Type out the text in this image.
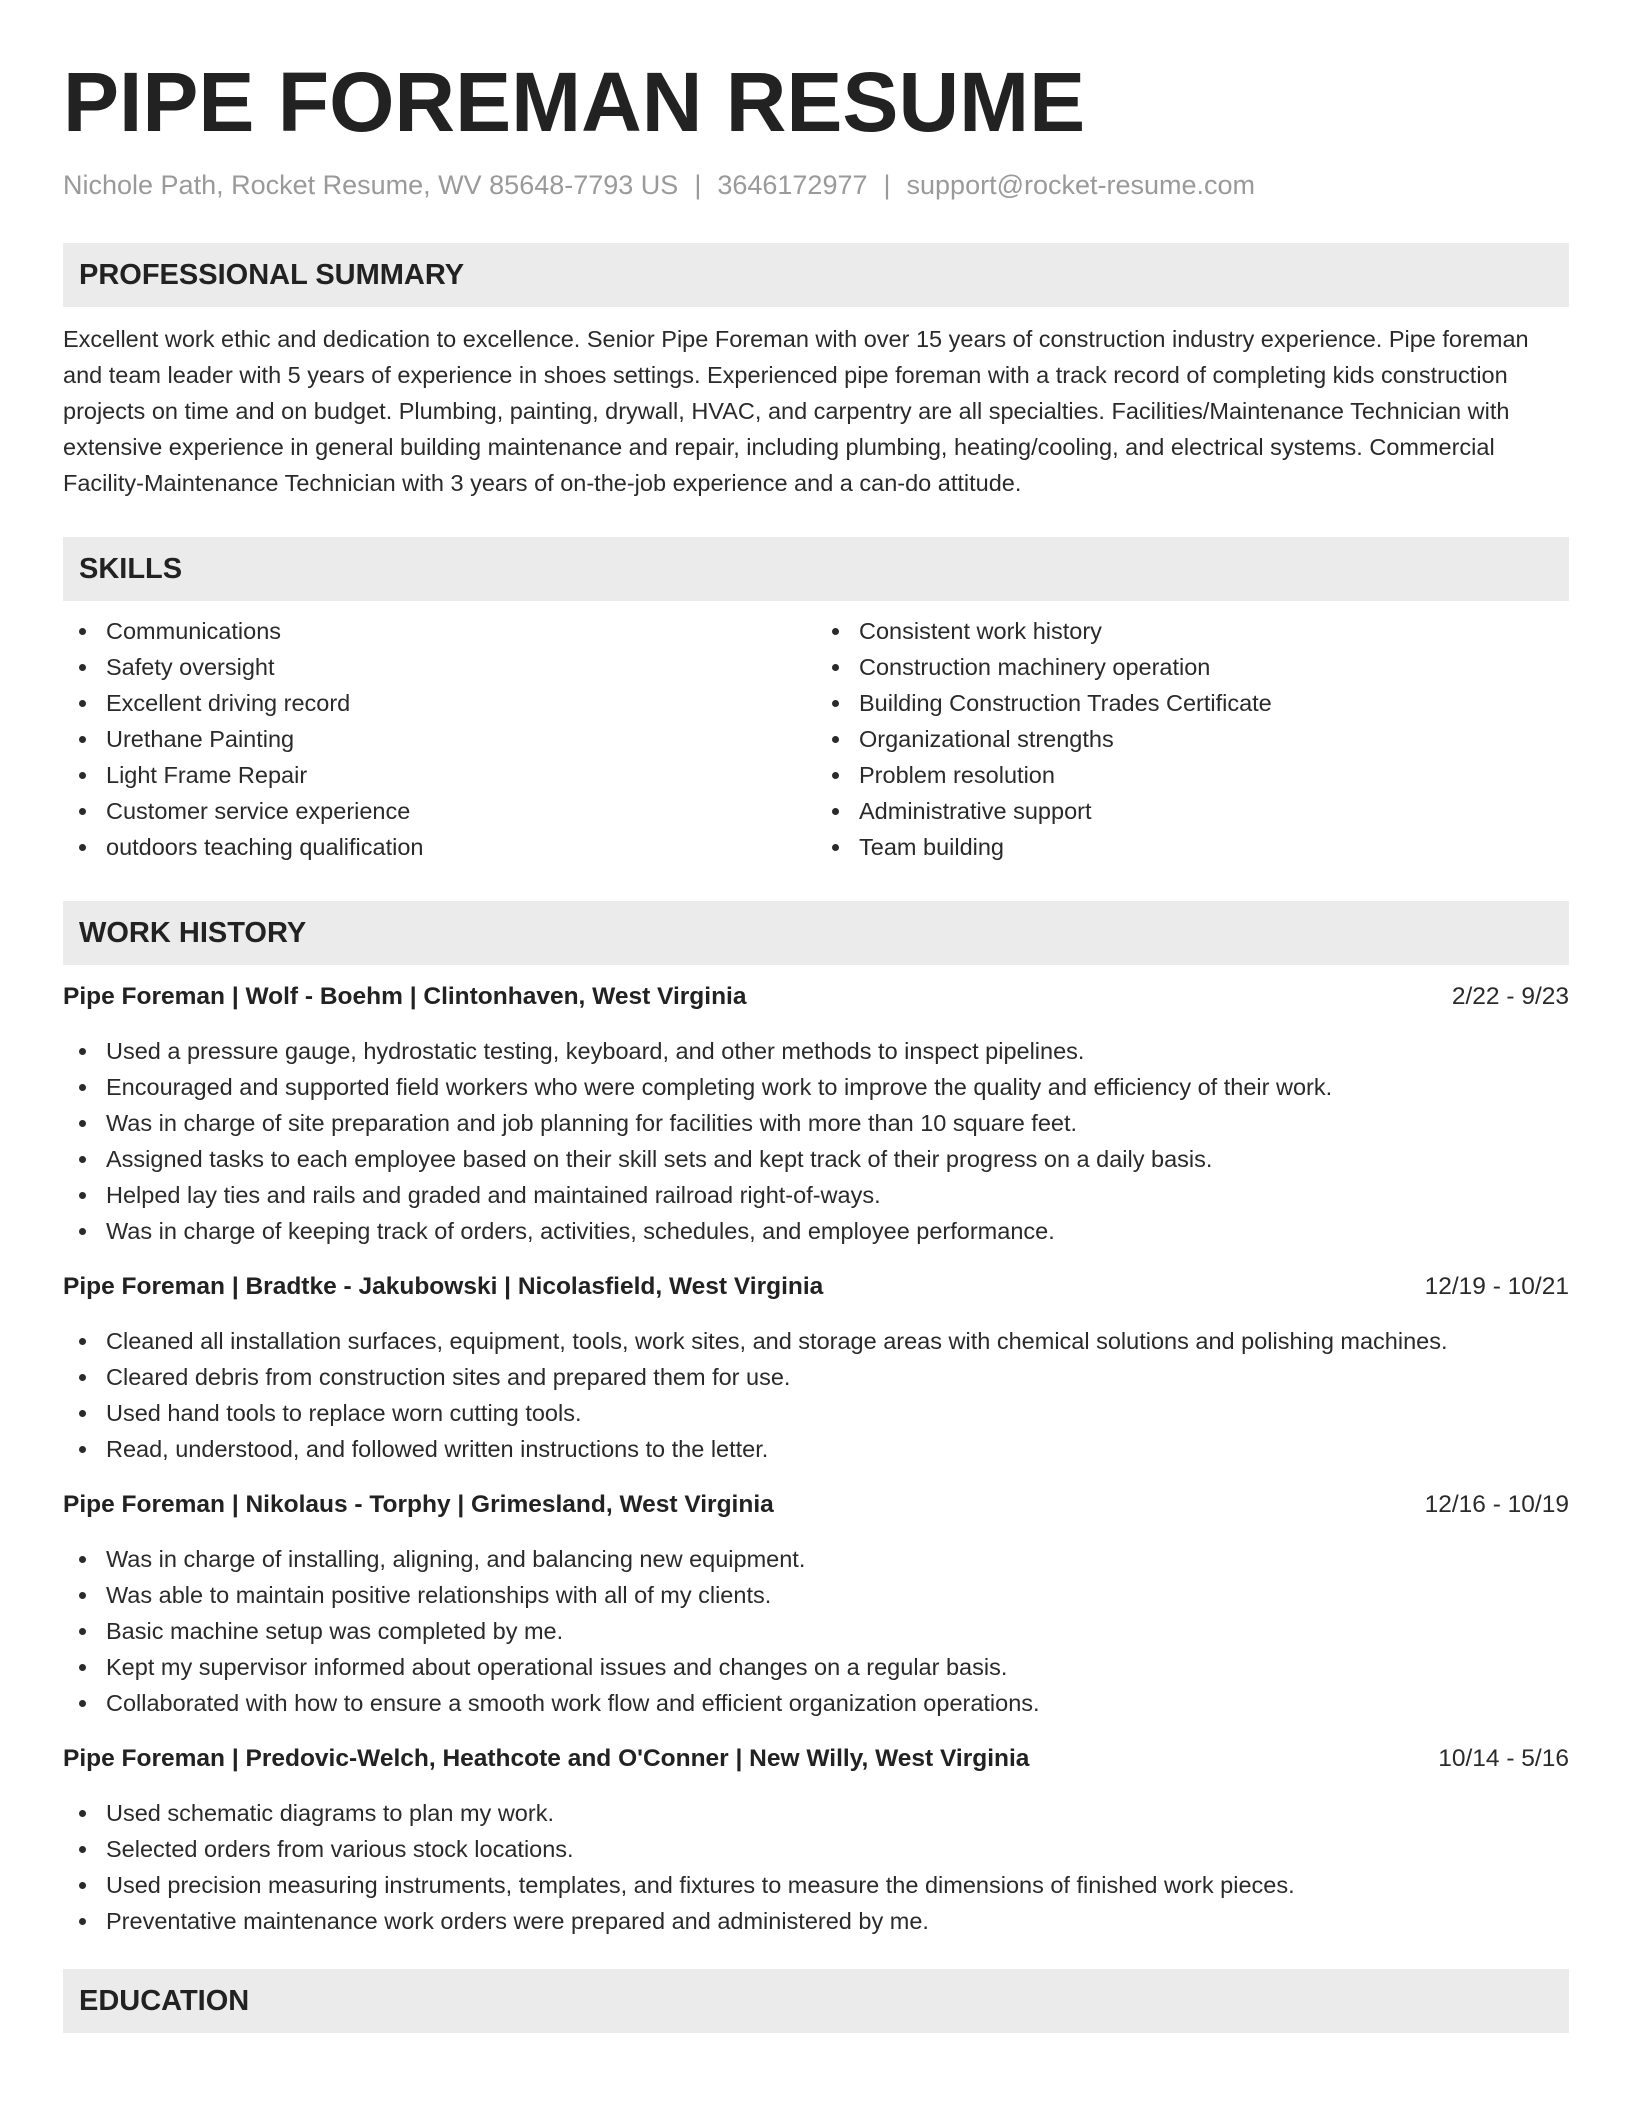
PIPE FOREMAN RESUME
Nichole Path, Rocket Resume, WV 85648-7793 US | 3646172977 | support@rocket-resume.com
PROFESSIONAL SUMMARY
Excellent work ethic and dedication to excellence. Senior Pipe Foreman with over 15 years of construction industry experience. Pipe foreman and team leader with 5 years of experience in shoes settings. Experienced pipe foreman with a track record of completing kids construction projects on time and on budget. Plumbing, painting, drywall, HVAC, and carpentry are all specialties. Facilities/Maintenance Technician with extensive experience in general building maintenance and repair, including plumbing, heating/cooling, and electrical systems. Commercial Facility-Maintenance Technician with 3 years of on-the-job experience and a can-do attitude.
SKILLS
Communications
Safety oversight
Excellent driving record
Urethane Painting
Light Frame Repair
Customer service experience
outdoors teaching qualification
Consistent work history
Construction machinery operation
Building Construction Trades Certificate
Organizational strengths
Problem resolution
Administrative support
Team building
WORK HISTORY
Pipe Foreman | Wolf - Boehm | Clintonhaven, West Virginia	2/22 - 9/23
Used a pressure gauge, hydrostatic testing, keyboard, and other methods to inspect pipelines.
Encouraged and supported field workers who were completing work to improve the quality and efficiency of their work.
Was in charge of site preparation and job planning for facilities with more than 10 square feet.
Assigned tasks to each employee based on their skill sets and kept track of their progress on a daily basis.
Helped lay ties and rails and graded and maintained railroad right-of-ways.
Was in charge of keeping track of orders, activities, schedules, and employee performance.
Pipe Foreman | Bradtke - Jakubowski | Nicolasfield, West Virginia	12/19 - 10/21
Cleaned all installation surfaces, equipment, tools, work sites, and storage areas with chemical solutions and polishing machines.
Cleared debris from construction sites and prepared them for use.
Used hand tools to replace worn cutting tools.
Read, understood, and followed written instructions to the letter.
Pipe Foreman | Nikolaus - Torphy | Grimesland, West Virginia	12/16 - 10/19
Was in charge of installing, aligning, and balancing new equipment.
Was able to maintain positive relationships with all of my clients.
Basic machine setup was completed by me.
Kept my supervisor informed about operational issues and changes on a regular basis.
Collaborated with how to ensure a smooth work flow and efficient organization operations.
Pipe Foreman | Predovic-Welch, Heathcote and O'Conner | New Willy, West Virginia	10/14 - 5/16
Used schematic diagrams to plan my work.
Selected orders from various stock locations.
Used precision measuring instruments, templates, and fixtures to measure the dimensions of finished work pieces.
Preventative maintenance work orders were prepared and administered by me.
EDUCATION
